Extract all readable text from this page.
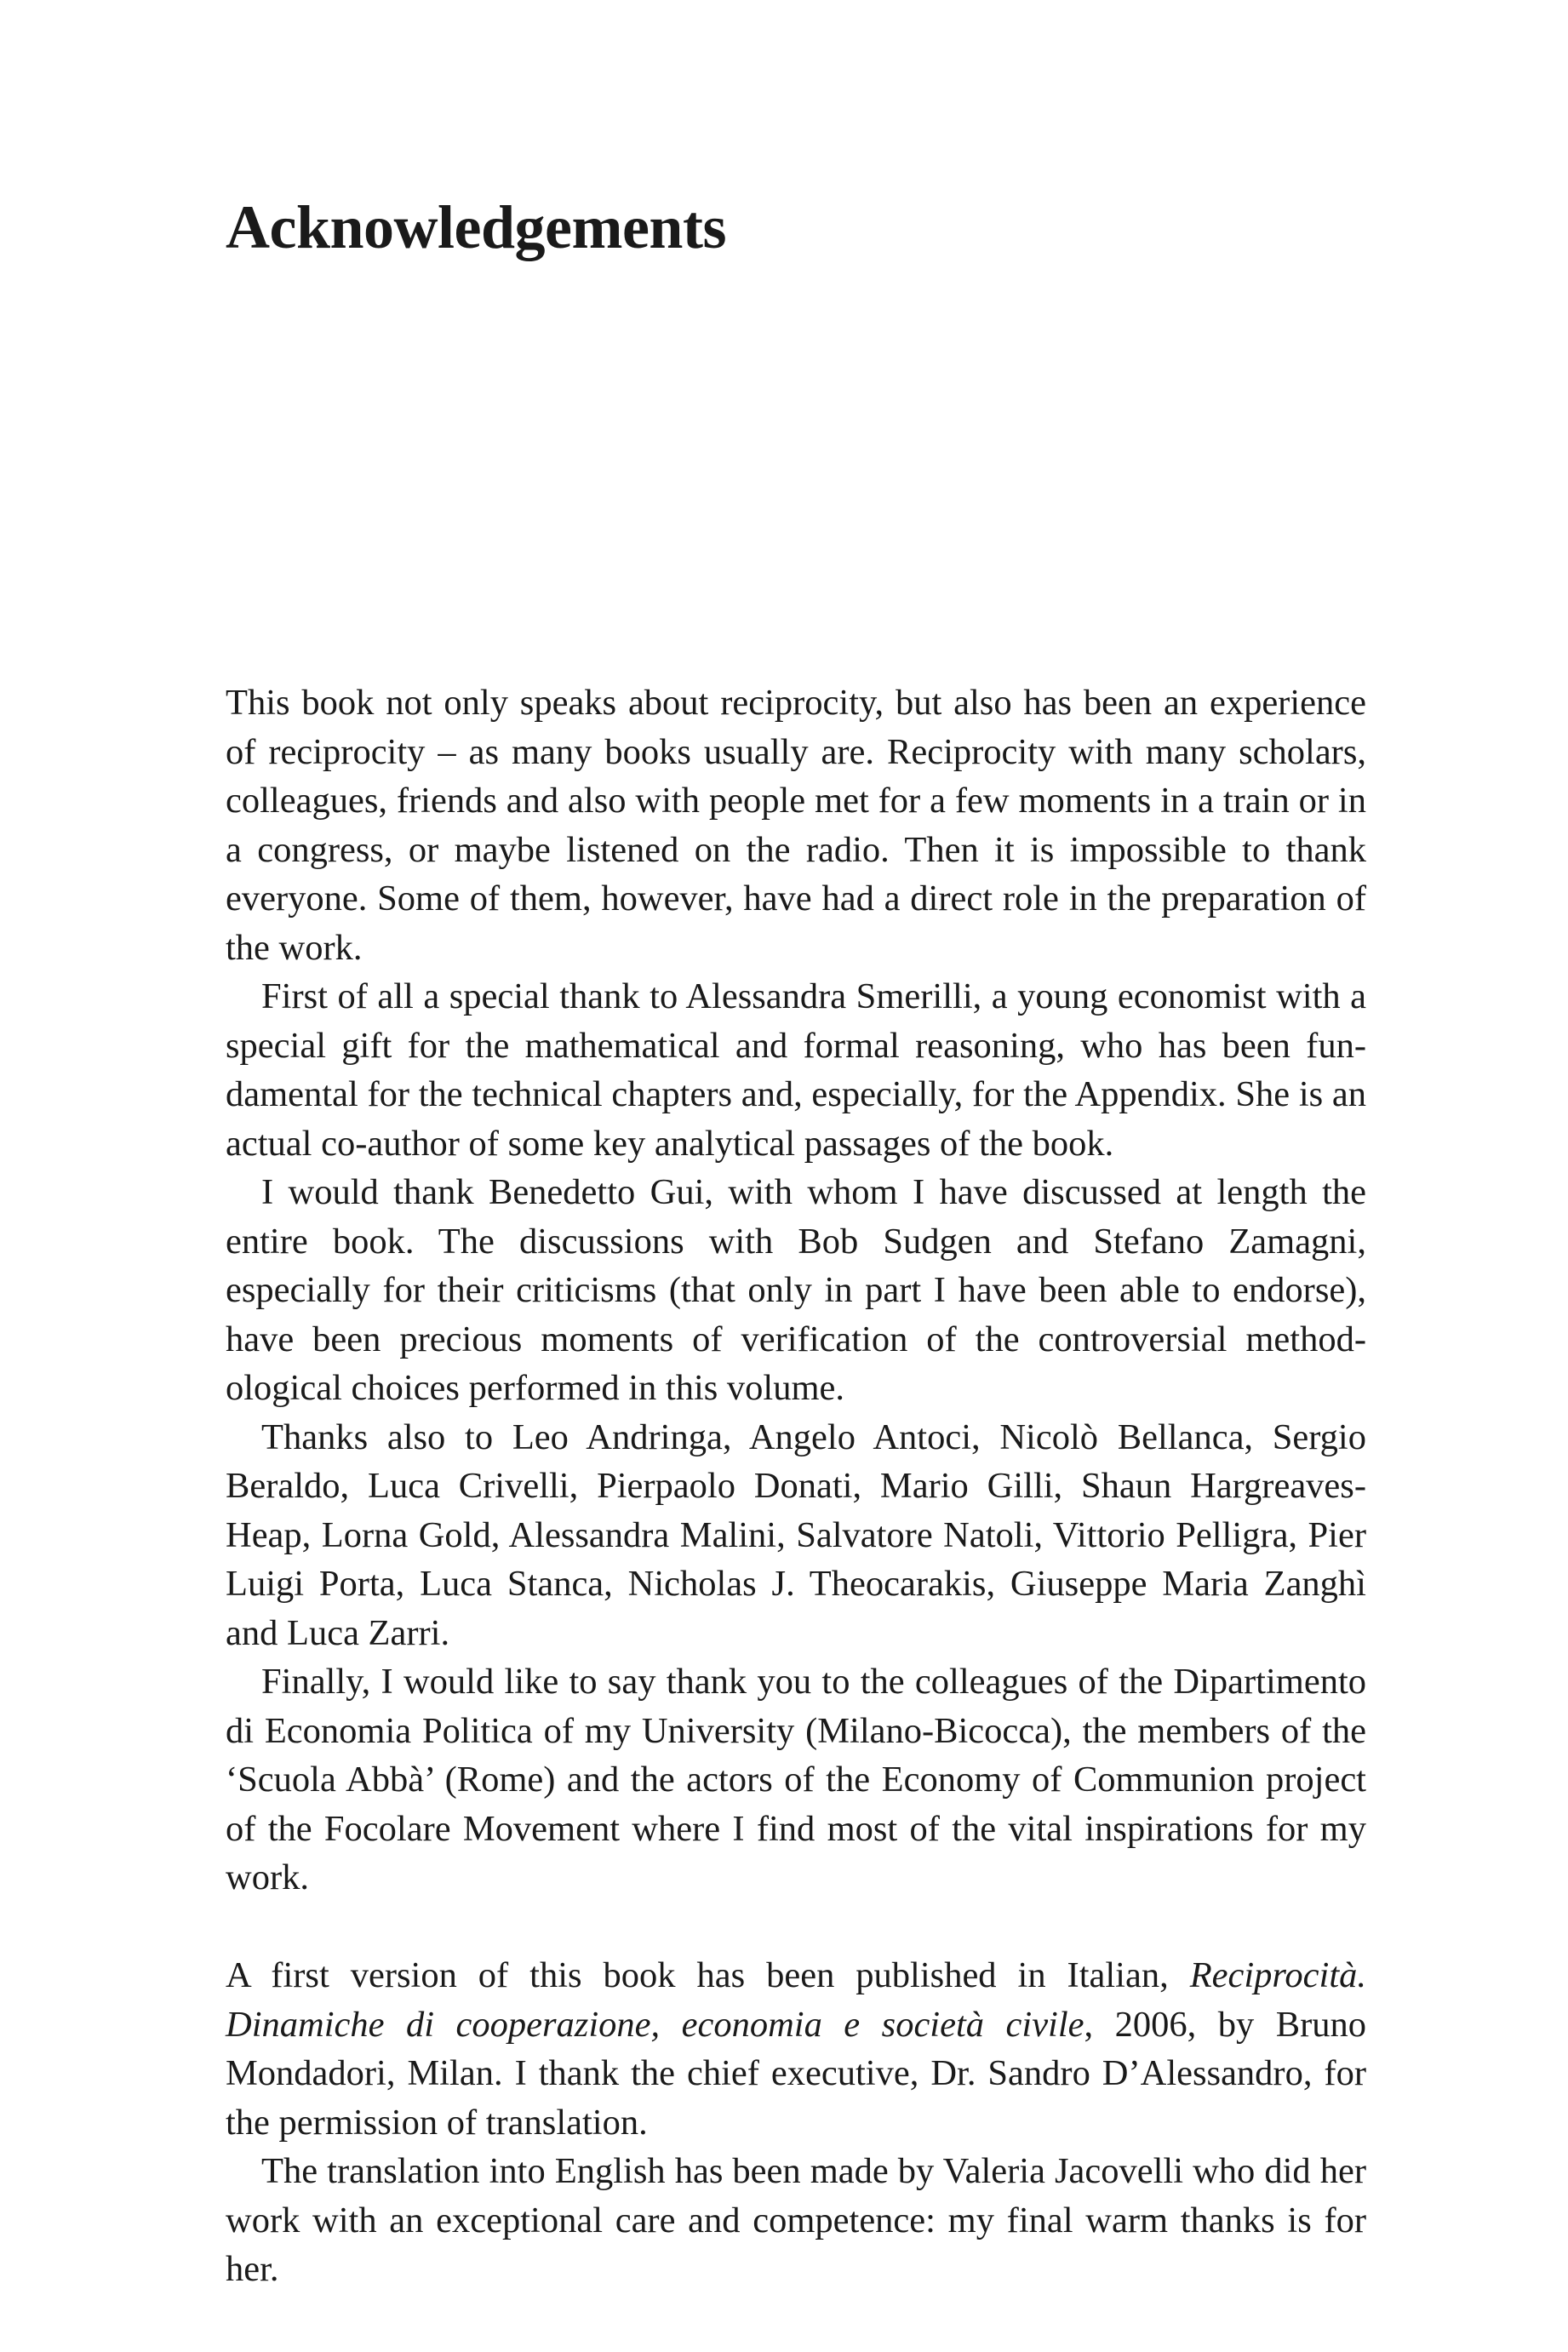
Acknowledgements

This book not only speaks about reciprocity, but also has been an experience of reciprocity – as many books usually are. Reciprocity with many scholars, colleagues, friends and also with people met for a few moments in a train or in a congress, or maybe listened on the radio. Then it is impossible to thank everyone. Some of them, however, have had a direct role in the preparation of the work.

First of all a special thank to Alessandra Smerilli, a young economist with a special gift for the mathematical and formal reasoning, who has been fundamental for the technical chapters and, especially, for the Appendix. She is an actual co-author of some key analytical passages of the book.

I would thank Benedetto Gui, with whom I have discussed at length the entire book. The discussions with Bob Sudgen and Stefano Zamagni, especially for their criticisms (that only in part I have been able to endorse), have been precious moments of verification of the controversial methodological choices performed in this volume.

Thanks also to Leo Andringa, Angelo Antoci, Nicolò Bellanca, Sergio Beraldo, Luca Crivelli, Pierpaolo Donati, Mario Gilli, Shaun Hargreaves-Heap, Lorna Gold, Alessandra Malini, Salvatore Natoli, Vittorio Pelligra, Pier Luigi Porta, Luca Stanca, Nicholas J. Theocarakis, Giuseppe Maria Zanghì and Luca Zarri.

Finally, I would like to say thank you to the colleagues of the Dipartimento di Economia Politica of my University (Milano-Bicocca), the members of the ‘Scuola Abbà’ (Rome) and the actors of the Economy of Communion project of the Focolare Movement where I find most of the vital inspirations for my work.

A first version of this book has been published in Italian, Reciprocità. Dinamiche di cooperazione, economia e società civile, 2006, by Bruno Mondadori, Milan. I thank the chief executive, Dr. Sandro D’Alessandro, for the permission of translation.

The translation into English has been made by Valeria Jacovelli who did her work with an exceptional care and competence: my final warm thanks is for her.
